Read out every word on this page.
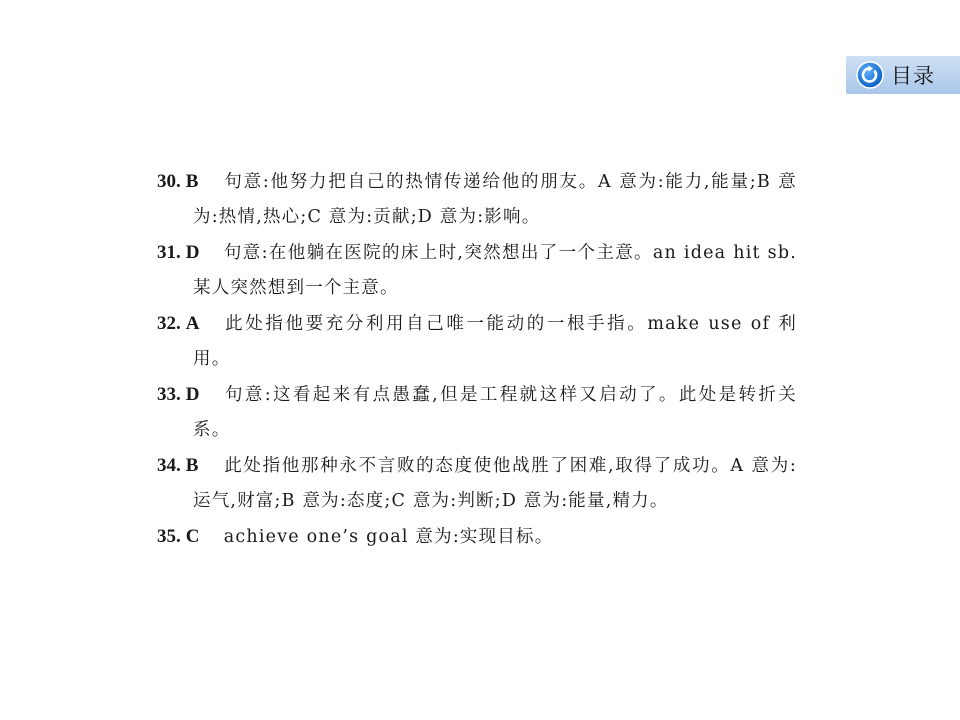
目录
30. B 句意:他努力把自己的热情传递给他的朋友。A 意为:能力,能量;B 意为:热情,热心;C 意为:贡献;D 意为:影响。
31. D 句意:在他躺在医院的床上时,突然想出了一个主意。an idea hit sb. 某人突然想到一个主意。
32. A 此处指他要充分利用自己唯一能动的一根手指。make use of 利用。
33. D 句意:这看起来有点愚蠢,但是工程就这样又启动了。此处是转折关系。
34. B 此处指他那种永不言败的态度使他战胜了困难,取得了成功。A 意为:运气,财富;B 意为:态度;C 意为:判断;D 意为:能量,精力。
35. C achieve one’s goal 意为:实现目标。
